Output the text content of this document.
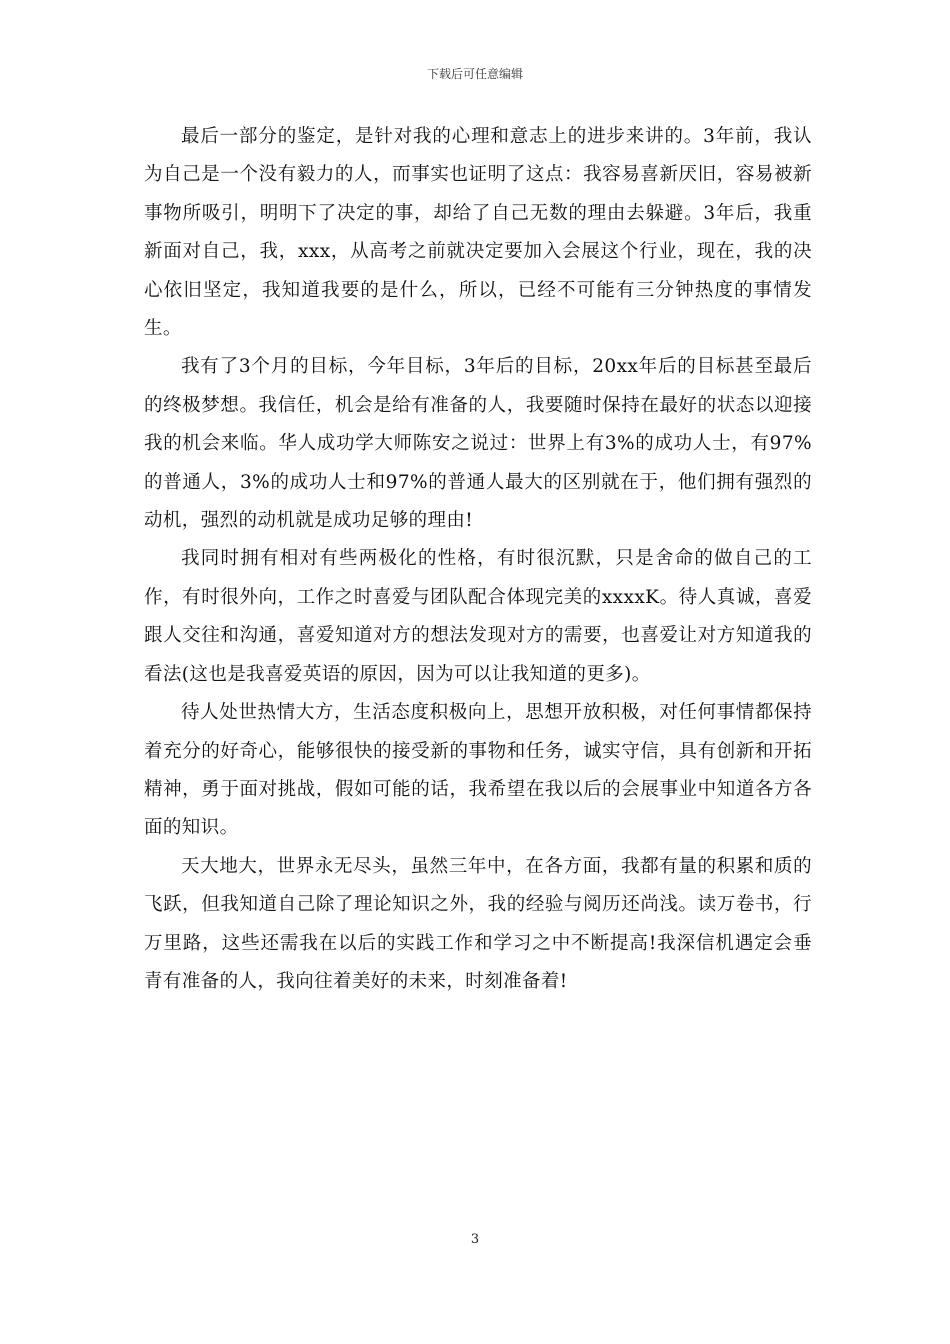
下载后可任意编辑

最后一部分的鉴定，是针对我的心理和意志上的进步来讲的。3年前，我认为自己是一个没有毅力的人，而事实也证明了这点：我容易喜新厌旧，容易被新事物所吸引，明明下了决定的事，却给了自己无数的理由去躲避。3年后，我重新面对自己，我，xxx，从高考之前就决定要加入会展这个行业，现在，我的决心依旧坚定，我知道我要的是什么，所以，已经不可能有三分钟热度的事情发生。

我有了3个月的目标，今年目标，3年后的目标，20xx年后的目标甚至最后的终极梦想。我信任，机会是给有准备的人，我要随时保持在最好的状态以迎接我的机会来临。华人成功学大师陈安之说过：世界上有3%的成功人士，有97%的普通人，3%的成功人士和97%的普通人最大的区别就在于，他们拥有强烈的动机，强烈的动机就是成功足够的理由!

我同时拥有相对有些两极化的性格，有时很沉默，只是舍命的做自己的工作，有时很外向，工作之时喜爱与团队配合体现完美的xxxxK。待人真诚，喜爱跟人交往和沟通，喜爱知道对方的想法发现对方的需要，也喜爱让对方知道我的看法(这也是我喜爱英语的原因，因为可以让我知道的更多)。

待人处世热情大方，生活态度积极向上，思想开放积极，对任何事情都保持着充分的好奇心，能够很快的接受新的事物和任务，诚实守信，具有创新和开拓精神，勇于面对挑战，假如可能的话，我希望在我以后的会展事业中知道各方各面的知识。

天大地大，世界永无尽头，虽然三年中，在各方面，我都有量的积累和质的飞跃，但我知道自己除了理论知识之外，我的经验与阅历还尚浅。读万卷书，行万里路，这些还需我在以后的实践工作和学习之中不断提高!我深信机遇定会垂青有准备的人，我向往着美好的未来，时刻准备着!

3
